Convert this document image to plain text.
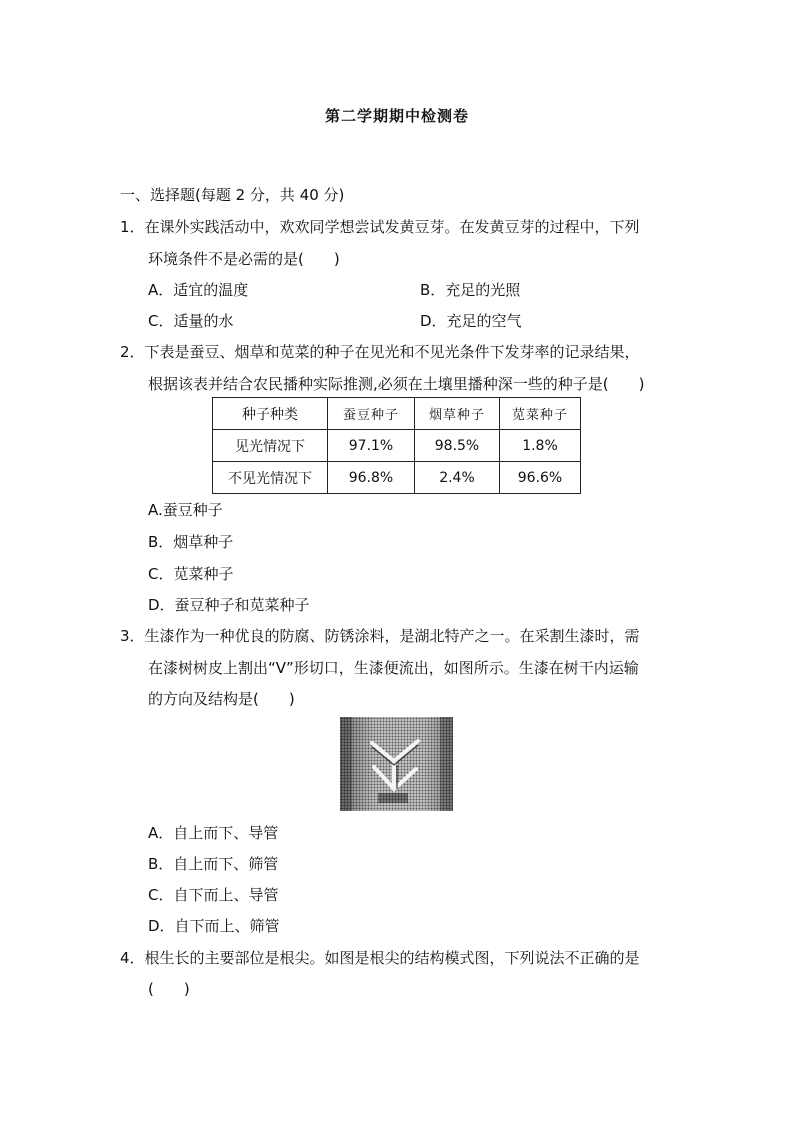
第二学期期中检测卷
一、选择题(每题 2 分，共 40 分)
1．在课外实践活动中，欢欢同学想尝试发黄豆芽。在发黄豆芽的过程中，下列
环境条件不是必需的是(　　)
A．适宜的温度	B．充足的光照
C．适量的水	D．充足的空气
2．下表是蚕豆、烟草和苋菜的种子在见光和不见光条件下发芽率的记录结果，
根据该表并结合农民播种实际推测,必须在土壤里播种深一些的种子是(　　)
种子种类	蚕豆种子	烟草种子	苋菜种子
见光情况下	97.1%	98.5%	1.8%
不见光情况下	96.8%	2.4%	96.6%
A.蚕豆种子
B．烟草种子
C．苋菜种子
D．蚕豆种子和苋菜种子
3．生漆作为一种优良的防腐、防锈涂料，是湖北特产之一。在采割生漆时，需
在漆树树皮上割出“V”形切口，生漆便流出，如图所示。生漆在树干内运输
的方向及结构是(　　)
A．自上而下、导管
B．自上而下、筛管
C．自下而上、导管
D．自下而上、筛管
4．根生长的主要部位是根尖。如图是根尖的结构模式图，下列说法不正确的是
(　　)
